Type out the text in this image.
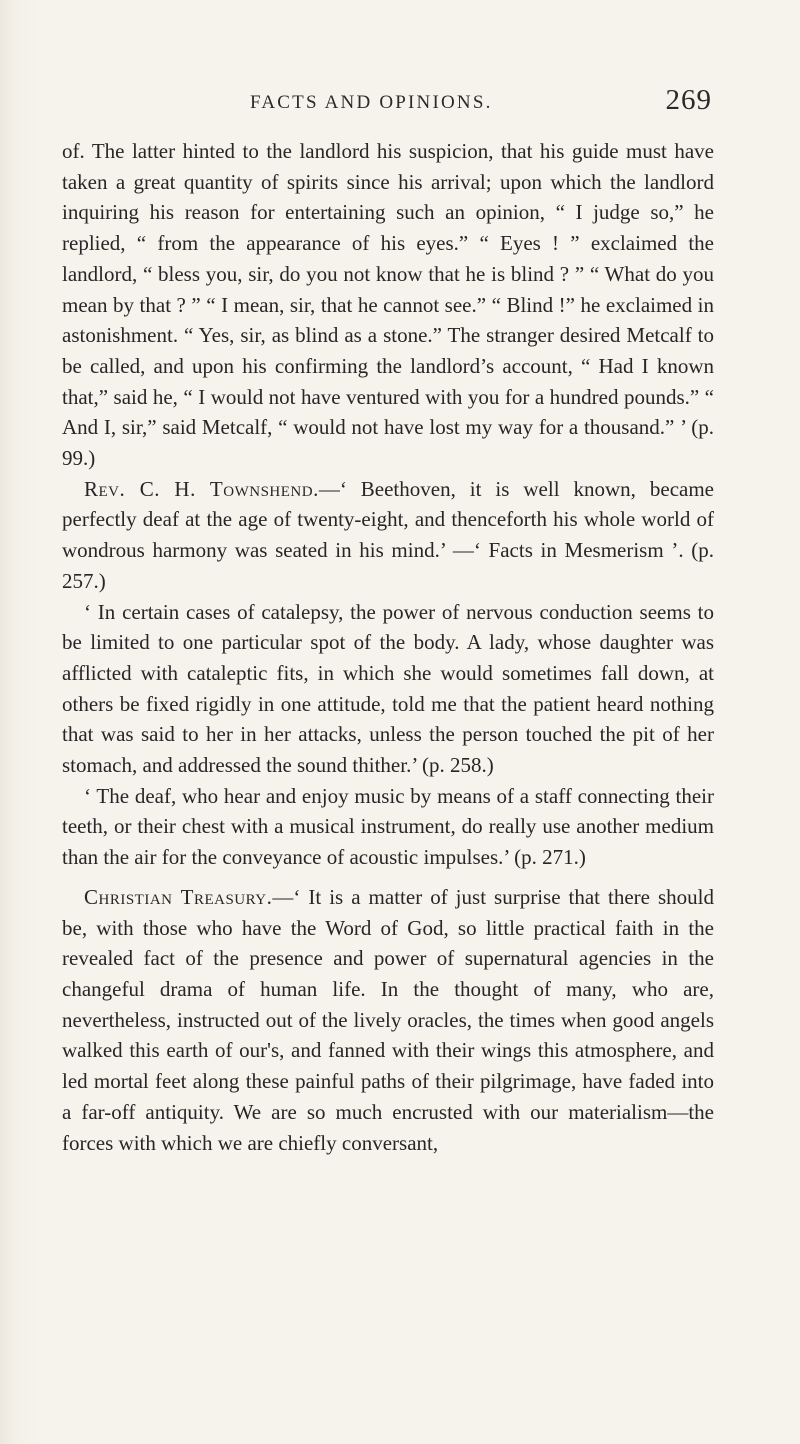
FACTS AND OPINIONS.	269

of. The latter hinted to the landlord his suspicion, that his guide must have taken a great quantity of spirits since his arrival; upon which the landlord inquiring his reason for entertaining such an opinion, “ I judge so,” he replied, “ from the appearance of his eyes.” “ Eyes ! ” exclaimed the landlord, “ bless you, sir, do you not know that he is blind ? ” “ What do you mean by that ? ” “ I mean, sir, that he cannot see.” “ Blind !” he exclaimed in astonishment. “ Yes, sir, as blind as a stone.” The stranger desired Metcalf to be called, and upon his confirming the landlord’s account, “ Had I known that,” said he, “ I would not have ventured with you for a hundred pounds.” “ And I, sir,” said Metcalf, “ would not have lost my way for a thousand.” ’ (p. 99.)

Rev. C. H. Townshend.—‘ Beethoven, it is well known, became perfectly deaf at the age of twenty-eight, and thenceforth his whole world of wondrous harmony was seated in his mind.’ —‘ Facts in Mesmerism ’. (p. 257.)

‘ In certain cases of catalepsy, the power of nervous conduction seems to be limited to one particular spot of the body. A lady, whose daughter was afflicted with cataleptic fits, in which she would sometimes fall down, at others be fixed rigidly in one attitude, told me that the patient heard nothing that was said to her in her attacks, unless the person touched the pit of her stomach, and addressed the sound thither.’ (p. 258.)

‘ The deaf, who hear and enjoy music by means of a staff connecting their teeth, or their chest with a musical instrument, do really use another medium than the air for the conveyance of acoustic impulses.’ (p. 271.)

Christian Treasury.—‘ It is a matter of just surprise that there should be, with those who have the Word of God, so little practical faith in the revealed fact of the presence and power of supernatural agencies in the changeful drama of human life. In the thought of many, who are, nevertheless, instructed out of the lively oracles, the times when good angels walked this earth of our's, and fanned with their wings this atmosphere, and led mortal feet along these painful paths of their pilgrimage, have faded into a far-off antiquity. We are so much encrusted with our materialism—the forces with which we are chiefly conversant,
